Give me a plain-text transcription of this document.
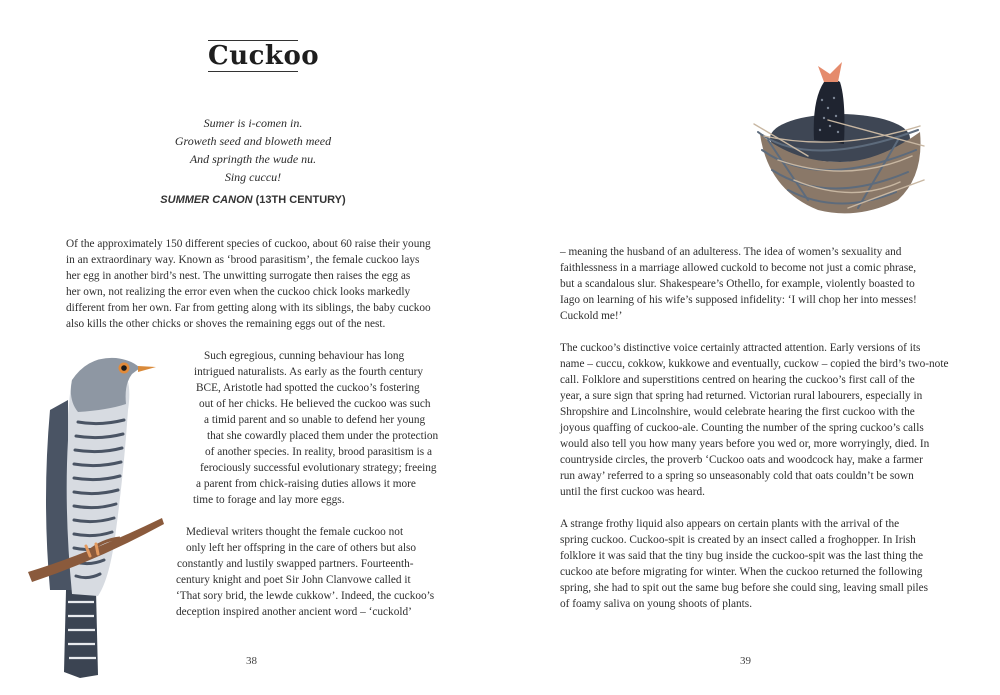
Cuckoo
Sumer is i-comen in.
Groweth seed and bloweth meed
And springth the wude nu.
Sing cuccu!
SUMMER CANON (13TH CENTURY)
Of the approximately 150 different species of cuckoo, about 60 raise their young
in an extraordinary way. Known as ‘brood parasitism’, the female cuckoo lays
her egg in another bird’s nest. The unwitting surrogate then raises the egg as
her own, not realizing the error even when the cuckoo chick looks markedly
different from her own. Far from getting along with its siblings, the baby cuckoo
also kills the other chicks or shoves the remaining eggs out of the nest.
Such egregious, cunning behaviour has long
intrigued naturalists. As early as the fourth century
BCE, Aristotle had spotted the cuckoo’s fostering
out of her chicks. He believed the cuckoo was such
a timid parent and so unable to defend her young
that she cowardly placed them under the protection
of another species. In reality, brood parasitism is a
ferociously successful evolutionary strategy; freeing
a parent from chick-raising duties allows it more
time to forage and lay more eggs.
Medieval writers thought the female cuckoo not
only left her offspring in the care of others but also
constantly and lustily swapped partners. Fourteenth-
century knight and poet Sir John Clanvowe called it
‘That sory brid, the lewde cukkow’. Indeed, the cuckoo’s
deception inspired another ancient word – ‘cuckold’
38
– meaning the husband of an adulteress. The idea of women’s sexuality and
faithlessness in a marriage allowed cuckold to become not just a comic phrase,
but a scandalous slur. Shakespeare’s Othello, for example, violently boasted to
Iago on learning of his wife’s supposed infidelity: ‘I will chop her into messes!
Cuckold me!’
The cuckoo’s distinctive voice certainly attracted attention. Early versions of its
name – cuccu, cokkow, kukkowe and eventually, cuckow – copied the bird’s two-note
call. Folklore and superstitions centred on hearing the cuckoo’s first call of the
year, a sure sign that spring had returned. Victorian rural labourers, especially in
Shropshire and Lincolnshire, would celebrate hearing the first cuckoo with the
joyous quaffing of cuckoo-ale. Counting the number of the spring cuckoo’s calls
would also tell you how many years before you wed or, more worryingly, died. In
countryside circles, the proverb ‘Cuckoo oats and woodcock hay, make a farmer
run away’ referred to a spring so unseasonably cold that oats couldn’t be sown
until the first cuckoo was heard.
A strange frothy liquid also appears on certain plants with the arrival of the
spring cuckoo. Cuckoo-spit is created by an insect called a froghopper. In Irish
folklore it was said that the tiny bug inside the cuckoo-spit was the last thing the
cuckoo ate before migrating for winter. When the cuckoo returned the following
spring, she had to spit out the same bug before she could sing, leaving small piles
of foamy saliva on young shoots of plants.
39
